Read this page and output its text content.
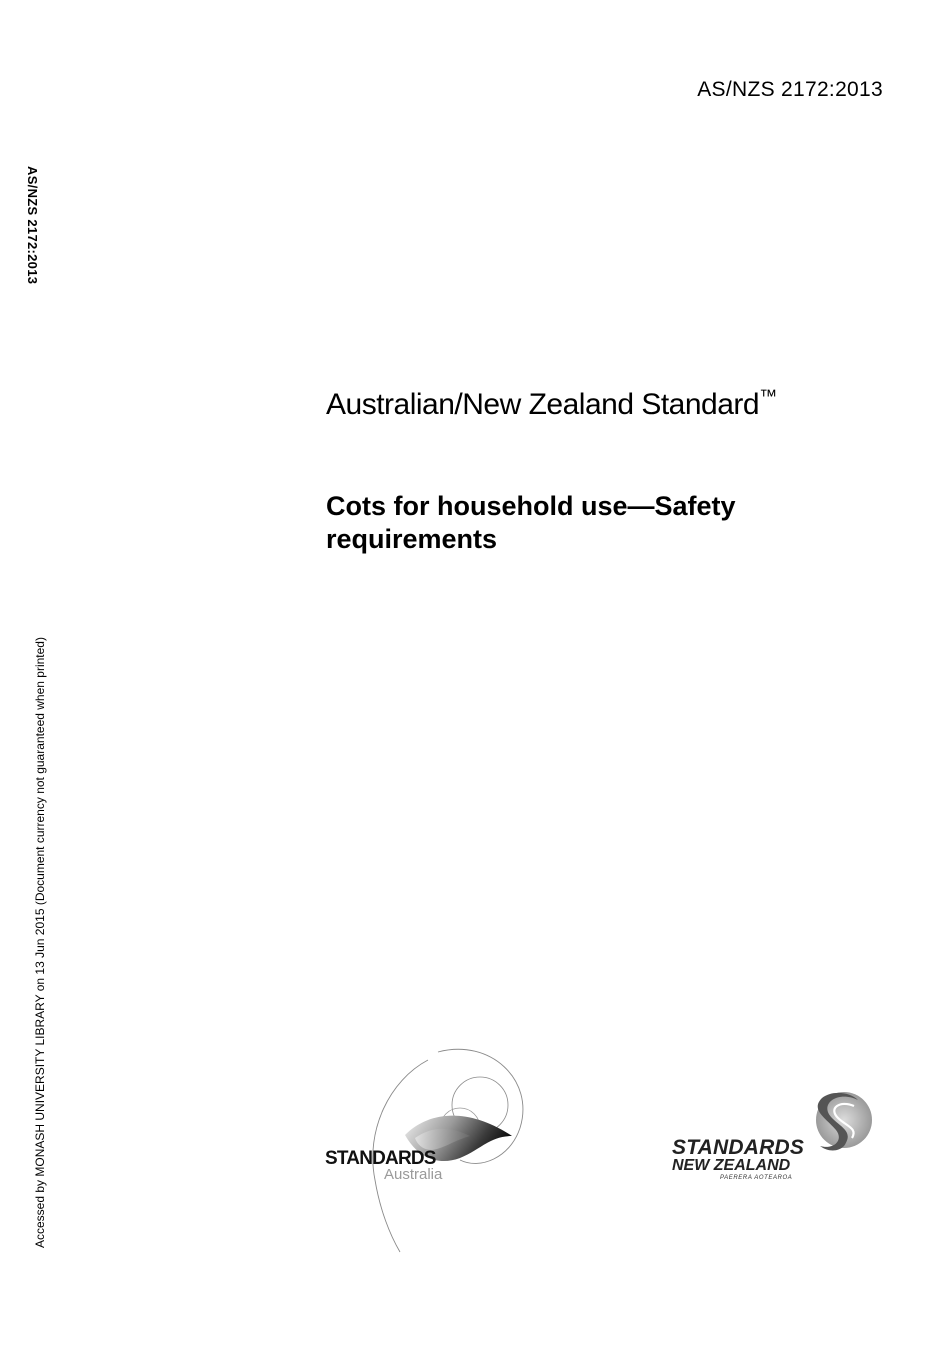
AS/NZS 2172:2013
AS/NZS 2172:2013
Accessed by MONASH UNIVERSITY LIBRARY on 13 Jun 2015 (Document currency not guaranteed when printed)
Australian/New Zealand Standard™
Cots for household use—Safety
requirements
STANDARDS
Australia
STANDARDS
NEW ZEALAND
PAERERA AOTEAROA
